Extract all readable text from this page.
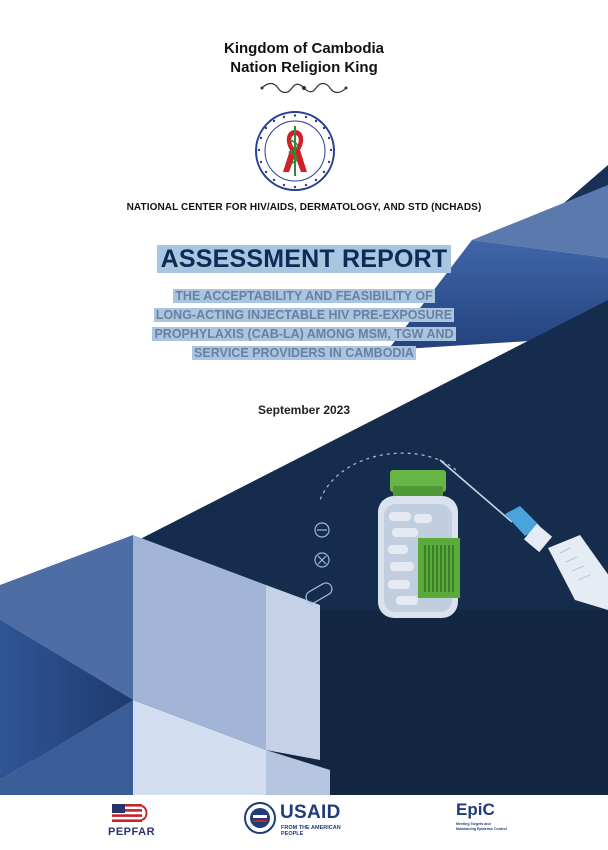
Kingdom of Cambodia
Nation Religion King
NATIONAL CENTER FOR HIV/AIDS, DERMATOLOGY, AND STD (NCHADS)
ASSESSMENT REPORT
THE ACCEPTABILITY AND FEASIBILITY OF
LONG-ACTING INJECTABLE HIV PRE-EXPOSURE
PROPHYLAXIS (CAB-LA) AMONG MSM, TGW AND
SERVICE PROVIDERS IN CAMBODIA
September 2023
PEPFAR
USAID
FROM THE AMERICAN PEOPLE
EpiC
Meeting Targets and Maintaining Epidemic Control
